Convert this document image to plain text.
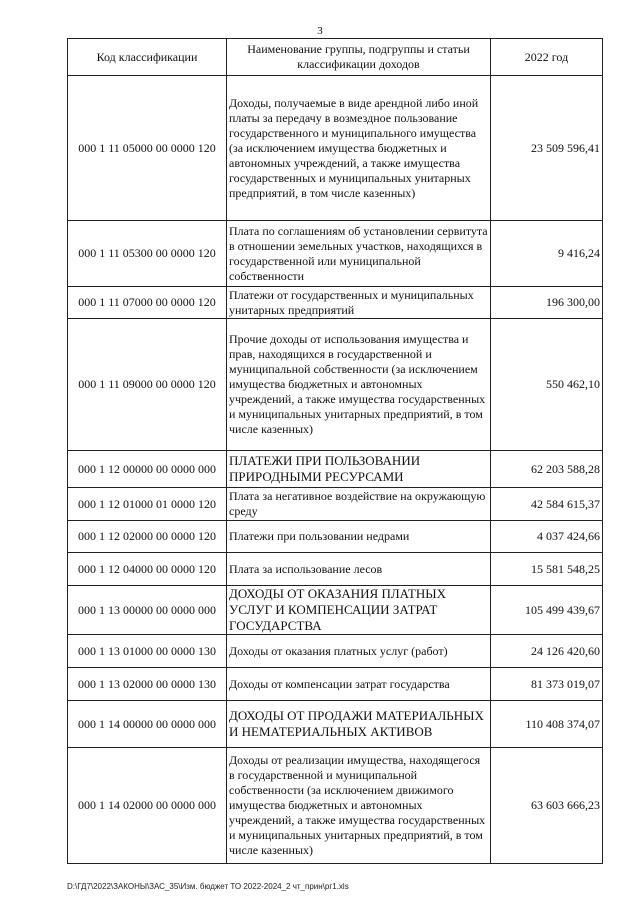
3
Код классификации	Наименование группы, подгруппы и статьи классификации доходов	2022 год
000 1 11 05000 00 0000 120	Доходы, получаемые в виде арендной либо иной платы за передачу в возмездное пользование государственного и муниципального имущества (за исключением имущества бюджетных и автономных учреждений, а также имущества государственных и муниципальных унитарных предприятий, в том числе казенных)	23 509 596,41
000 1 11 05300 00 0000 120	Плата по соглашениям об установлении сервитута в отношении земельных участков, находящихся в государственной или муниципальной собственности	9 416,24
000 1 11 07000 00 0000 120	Платежи от государственных и муниципальных унитарных предприятий	196 300,00
000 1 11 09000 00 0000 120	Прочие доходы от использования имущества и прав, находящихся в государственной и муниципальной собственности (за исключением имущества бюджетных и автономных учреждений, а также имущества государственных и муниципальных унитарных предприятий, в том числе казенных)	550 462,10
000 1 12 00000 00 0000 000	ПЛАТЕЖИ ПРИ ПОЛЬЗОВАНИИ ПРИРОДНЫМИ РЕСУРСАМИ	62 203 588,28
000 1 12 01000 01 0000 120	Плата за негативное воздействие на окружающую среду	42 584 615,37
000 1 12 02000 00 0000 120	Платежи при пользовании недрами	4 037 424,66
000 1 12 04000 00 0000 120	Плата за использование лесов	15 581 548,25
000 1 13 00000 00 0000 000	ДОХОДЫ ОТ ОКАЗАНИЯ ПЛАТНЫХ УСЛУГ И КОМПЕНСАЦИИ ЗАТРАТ ГОСУДАРСТВА	105 499 439,67
000 1 13 01000 00 0000 130	Доходы от оказания платных услуг (работ)	24 126 420,60
000 1 13 02000 00 0000 130	Доходы от компенсации затрат государства	81 373 019,07
000 1 14 00000 00 0000 000	ДОХОДЫ ОТ ПРОДАЖИ МАТЕРИАЛЬНЫХ И НЕМАТЕРИАЛЬНЫХ АКТИВОВ	110 408 374,07
000 1 14 02000 00 0000 000	Доходы от реализации имущества, находящегося в государственной и муниципальной собственности (за исключением движимого имущества бюджетных и автономных учреждений, а также имущества государственных и муниципальных унитарных предприятий, в том числе казенных)	63 603 666,23
D:\ГД7\2022\ЗАКОНЫ\ЗАС_35\Изм. бюджет ТО 2022-2024_2 чт_прин\рг1.xls
